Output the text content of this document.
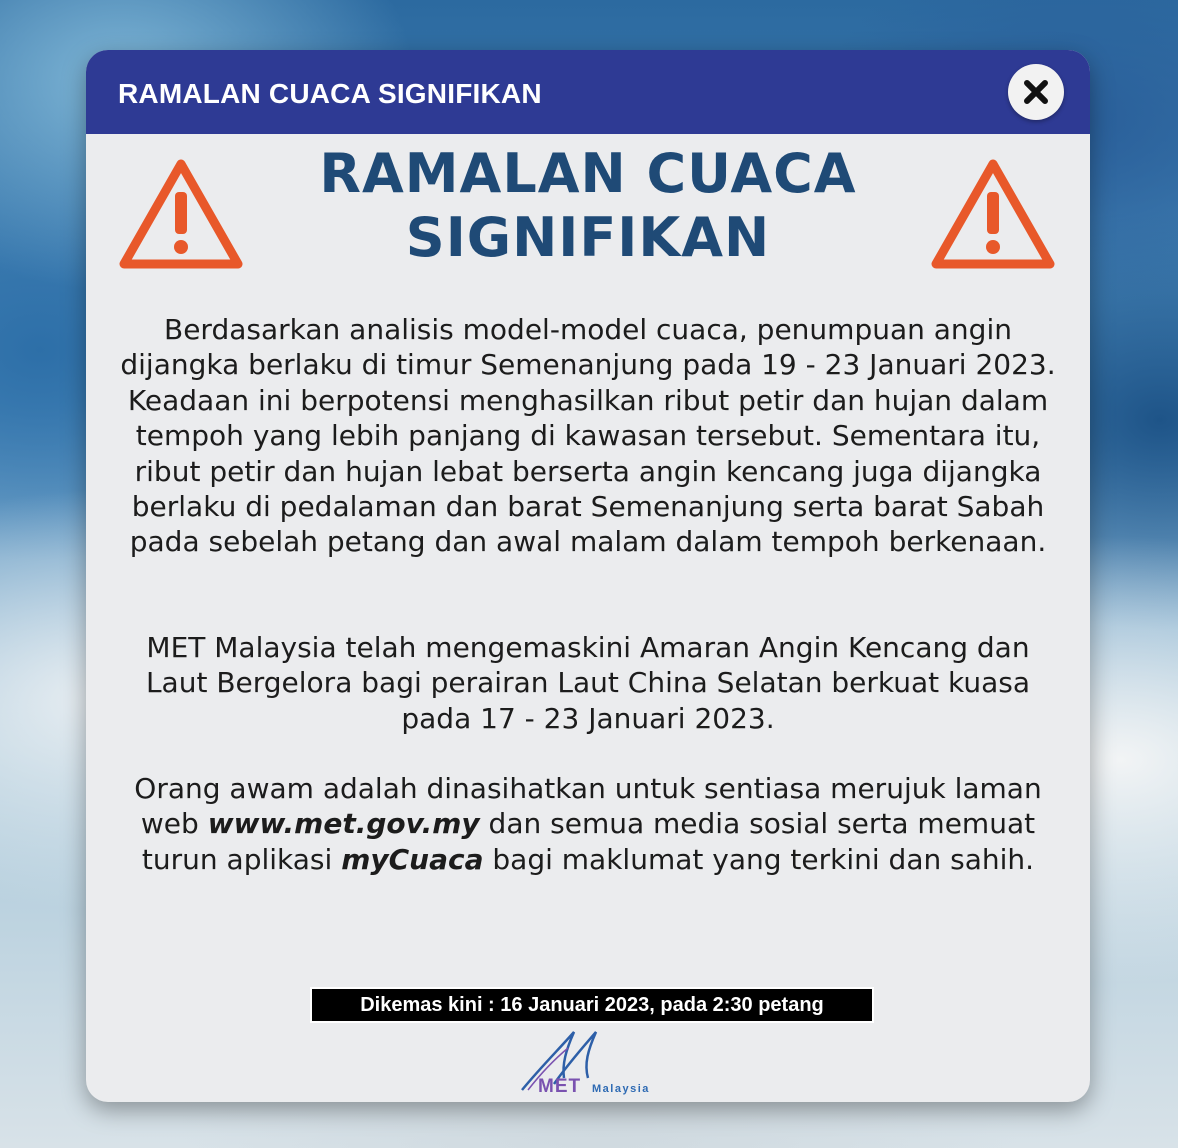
RAMALAN CUACA SIGNIFIKAN
RAMALAN CUACA
SIGNIFIKAN

Berdasarkan analisis model-model cuaca, penumpuan angin dijangka berlaku di timur Semenanjung pada 19 - 23 Januari 2023. Keadaan ini berpotensi menghasilkan ribut petir dan hujan dalam tempoh yang lebih panjang di kawasan tersebut. Sementara itu, ribut petir dan hujan lebat berserta angin kencang juga dijangka berlaku di pedalaman dan barat Semenanjung serta barat Sabah pada sebelah petang dan awal malam dalam tempoh berkenaan.

MET Malaysia telah mengemaskini Amaran Angin Kencang dan Laut Bergelora bagi perairan Laut China Selatan berkuat kuasa pada 17 - 23 Januari 2023.

Orang awam adalah dinasihatkan untuk sentiasa merujuk laman web www.met.gov.my dan semua media sosial serta memuat turun aplikasi myCuaca bagi maklumat yang terkini dan sahih.

Dikemas kini : 16 Januari 2023, pada 2:30 petang
MET Malaysia
